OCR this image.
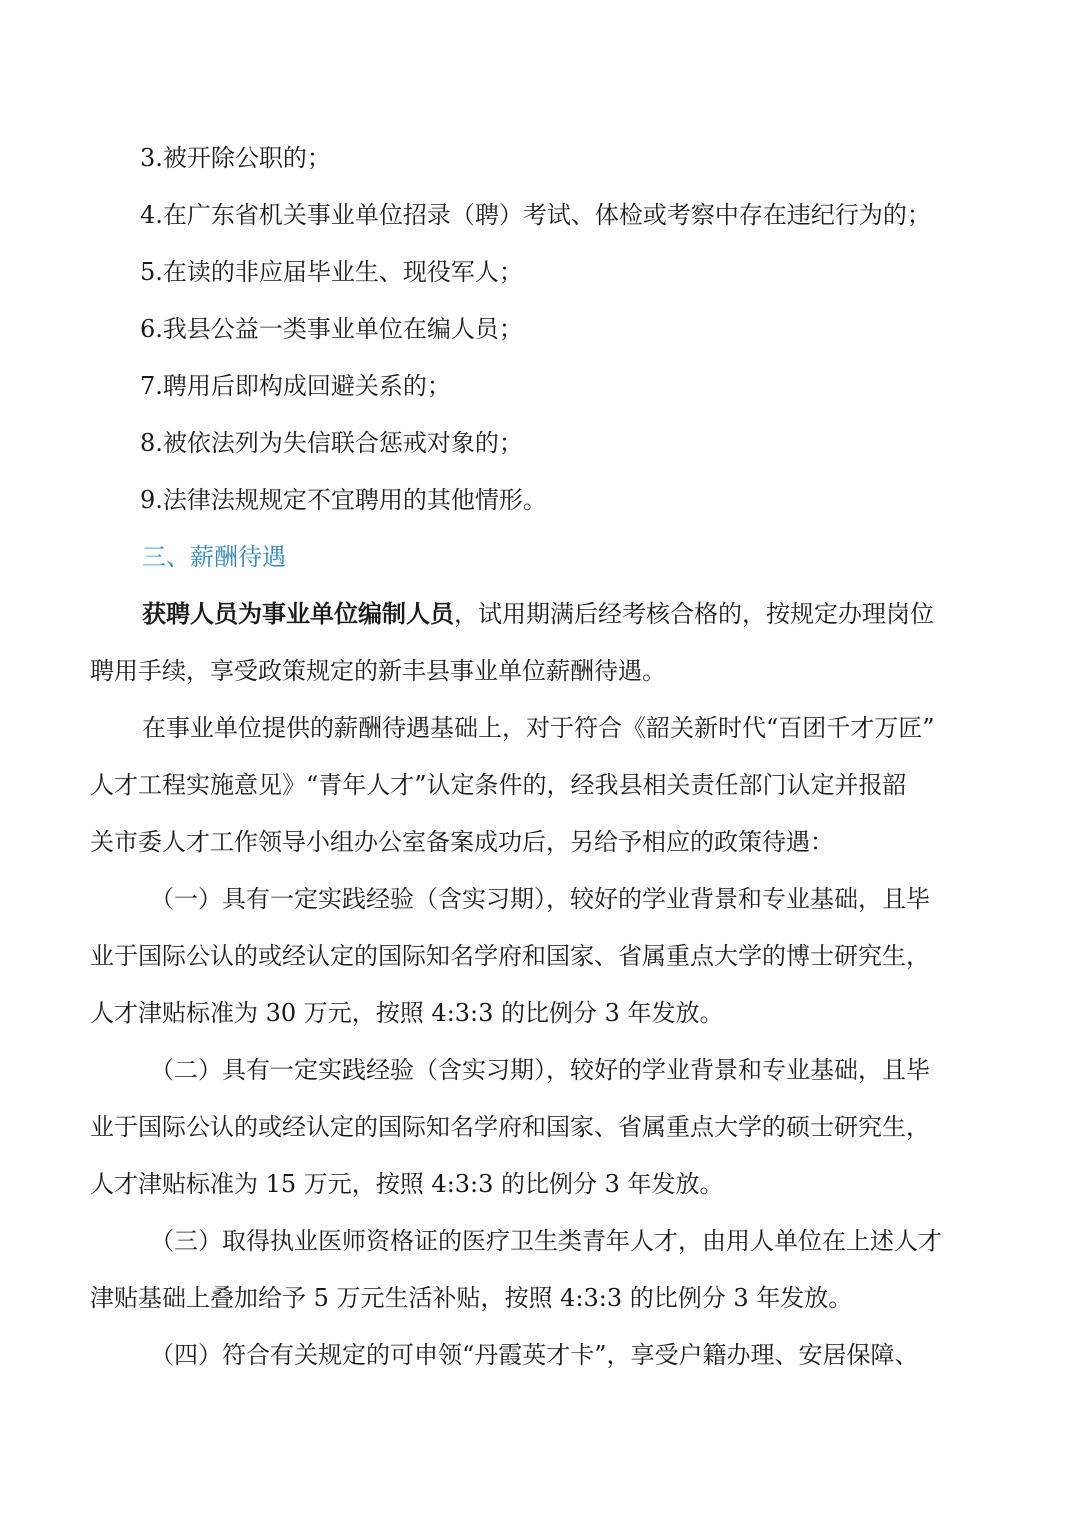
3.被开除公职的；
4.在广东省机关事业单位招录（聘）考试、体检或考察中存在违纪行为的；
5.在读的非应届毕业生、现役军人；
6.我县公益一类事业单位在编人员；
7.聘用后即构成回避关系的；
8.被依法列为失信联合惩戒对象的；
9.法律法规规定不宜聘用的其他情形。
三、薪酬待遇
获聘人员为事业单位编制人员，试用期满后经考核合格的，按规定办理岗位
聘用手续，享受政策规定的新丰县事业单位薪酬待遇。
在事业单位提供的薪酬待遇基础上，对于符合《韶关新时代“百团千才万匠”
人才工程实施意见》“青年人才”认定条件的，经我县相关责任部门认定并报韶
关市委人才工作领导小组办公室备案成功后，另给予相应的政策待遇：
（一）具有一定实践经验（含实习期），较好的学业背景和专业基础，且毕
业于国际公认的或经认定的国际知名学府和国家、省属重点大学的博士研究生，
人才津贴标准为 30 万元，按照 4:3:3 的比例分 3 年发放。
（二）具有一定实践经验（含实习期），较好的学业背景和专业基础，且毕
业于国际公认的或经认定的国际知名学府和国家、省属重点大学的硕士研究生，
人才津贴标准为 15 万元，按照 4:3:3 的比例分 3 年发放。
（三）取得执业医师资格证的医疗卫生类青年人才，由用人单位在上述人才
津贴基础上叠加给予 5 万元生活补贴，按照 4:3:3 的比例分 3 年发放。
（四）符合有关规定的可申领“丹霞英才卡”，享受户籍办理、安居保障、
